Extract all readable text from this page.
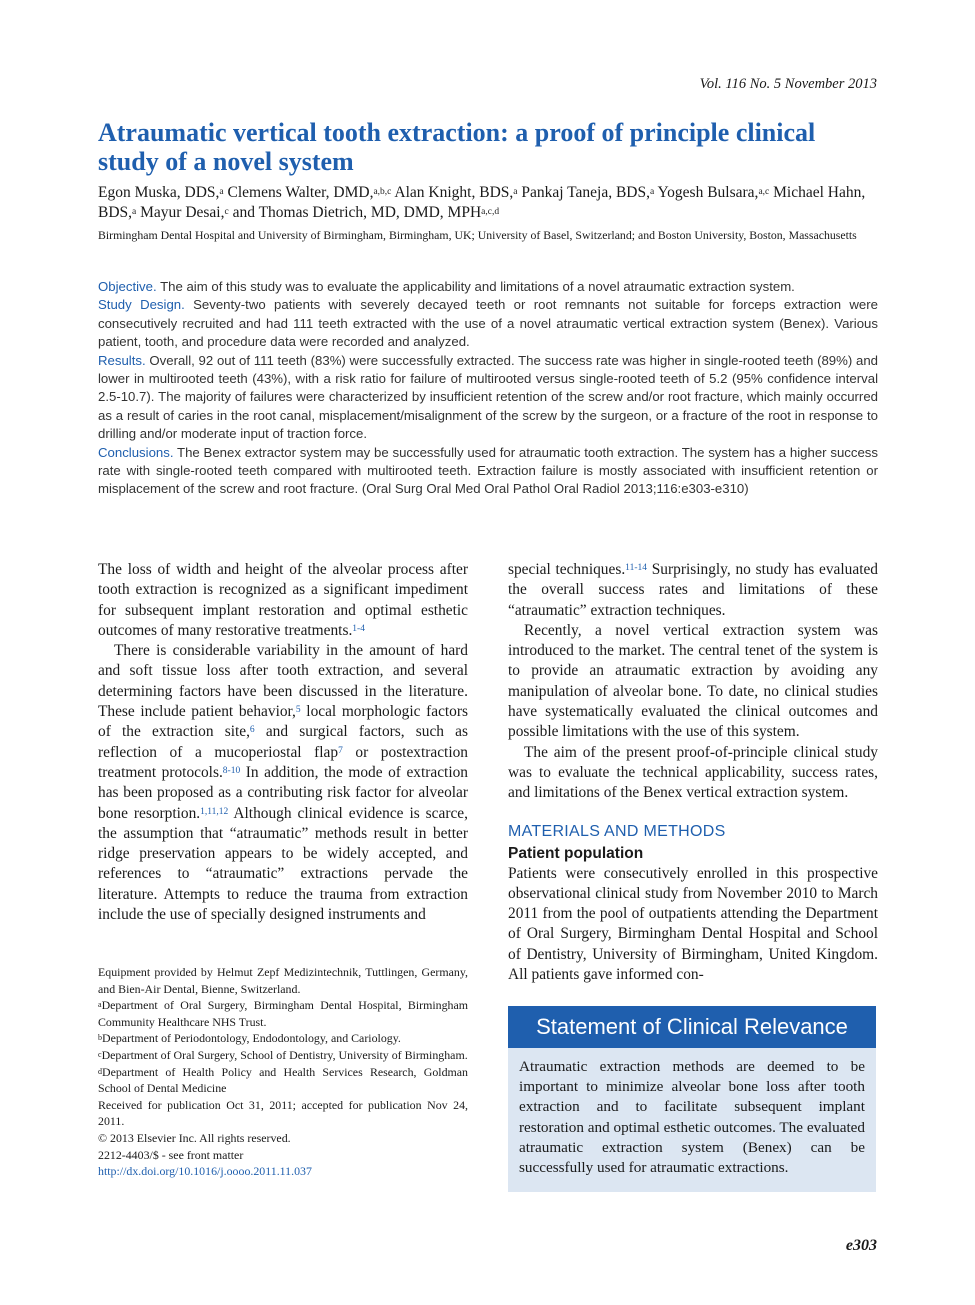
Vol. 116 No. 5 November 2013
Atraumatic vertical tooth extraction: a proof of principle clinical study of a novel system
Egon Muska, DDS,$^a$ Clemens Walter, DMD,$^{a,b,c}$ Alan Knight, BDS,$^a$ Pankaj Taneja, BDS,$^a$ Yogesh Bulsara,$^{a,c}$ Michael Hahn, BDS,$^a$ Mayur Desai,$^c$ and Thomas Dietrich, MD, DMD, MPH$^{a,c,d}$
Birmingham Dental Hospital and University of Birmingham, Birmingham, UK; University of Basel, Switzerland; and Boston University, Boston, Massachusetts

Objective. The aim of this study was to evaluate the applicability and limitations of a novel atraumatic extraction system.

Study Design. Seventy-two patients with severely decayed teeth or root remnants not suitable for forceps extraction were consecutively recruited and had 111 teeth extracted with the use of a novel atraumatic vertical extraction system (Benex). Various patient, tooth, and procedure data were recorded and analyzed.

Results. Overall, 92 out of 111 teeth (83%) were successfully extracted. The success rate was higher in single-rooted teeth (89%) and lower in multirooted teeth (43%), with a risk ratio for failure of multirooted versus single-rooted teeth of 5.2 (95% confidence interval 2.5-10.7). The majority of failures were characterized by insufficient retention of the screw and/or root fracture, which mainly occurred as a result of caries in the root canal, misplacement/misalignment of the screw by the surgeon, or a fracture of the root in response to drilling and/or moderate input of traction force.

Conclusions. The Benex extractor system may be successfully used for atraumatic tooth extraction. The system has a higher success rate with single-rooted teeth compared with multirooted teeth. Extraction failure is mostly associated with insufficient retention or misplacement of the screw and root fracture. (Oral Surg Oral Med Oral Pathol Oral Radiol 2013;116:e303-e310)

The loss of width and height of the alveolar process after tooth extraction is recognized as a significant impediment for subsequent implant restoration and optimal esthetic outcomes of many restorative treatments.$^{1-4}$

There is considerable variability in the amount of hard and soft tissue loss after tooth extraction, and several determining factors have been discussed in the literature. These include patient behavior,$^5$ local morphologic factors of the extraction site,$^6$ and surgical factors, such as reflection of a mucoperiostal flap$^7$ or postextraction treatment protocols.$^{8-10}$ In addition, the mode of extraction has been proposed as a contributing risk factor for alveolar bone resorption.$^{1,11,12}$ Although clinical evidence is scarce, the assumption that “atraumatic” methods result in better ridge preservation appears to be widely accepted, and references to “atraumatic” extractions pervade the literature. Attempts to reduce the trauma from extraction include the use of specially designed instruments and

special techniques.$^{11-14}$ Surprisingly, no study has evaluated the overall success rates and limitations of these “atraumatic” extraction techniques.

Recently, a novel vertical extraction system was introduced to the market. The central tenet of the system is to provide an atraumatic extraction by avoiding any manipulation of alveolar bone. To date, no clinical studies have systematically evaluated the clinical outcomes and possible limitations with the use of this system.

The aim of the present proof-of-principle clinical study was to evaluate the technical applicability, success rates, and limitations of the Benex vertical extraction system.

MATERIALS AND METHODS
Patient population

Patients were consecutively enrolled in this prospective observational clinical study from November 2010 to March 2011 from the pool of outpatients attending the Department of Oral Surgery, Birmingham Dental Hospital and School of Dentistry, University of Birmingham, United Kingdom. All patients gave informed con-

Equipment provided by Helmut Zepf Medizintechnik, Tuttlingen, Germany, and Bien-Air Dental, Bienne, Switzerland.

$^a$Department of Oral Surgery, Birmingham Dental Hospital, Birmingham Community Healthcare NHS Trust.

$^b$Department of Periodontology, Endodontology, and Cariology.

$^c$Department of Oral Surgery, School of Dentistry, University of Birmingham.

$^d$Department of Health Policy and Health Services Research, Goldman School of Dental Medicine

Received for publication Oct 31, 2011; accepted for publication Nov 24, 2011.

© 2013 Elsevier Inc. All rights reserved.

2212-4403/$ - see front matter

http://dx.doi.org/10.1016/j.oooo.2011.11.037

Statement of Clinical Relevance
Atraumatic extraction methods are deemed to be important to minimize alveolar bone loss after tooth extraction and to facilitate subsequent implant restoration and optimal esthetic outcomes. The evaluated atraumatic extraction system (Benex) can be successfully used for atraumatic extractions.
e303
